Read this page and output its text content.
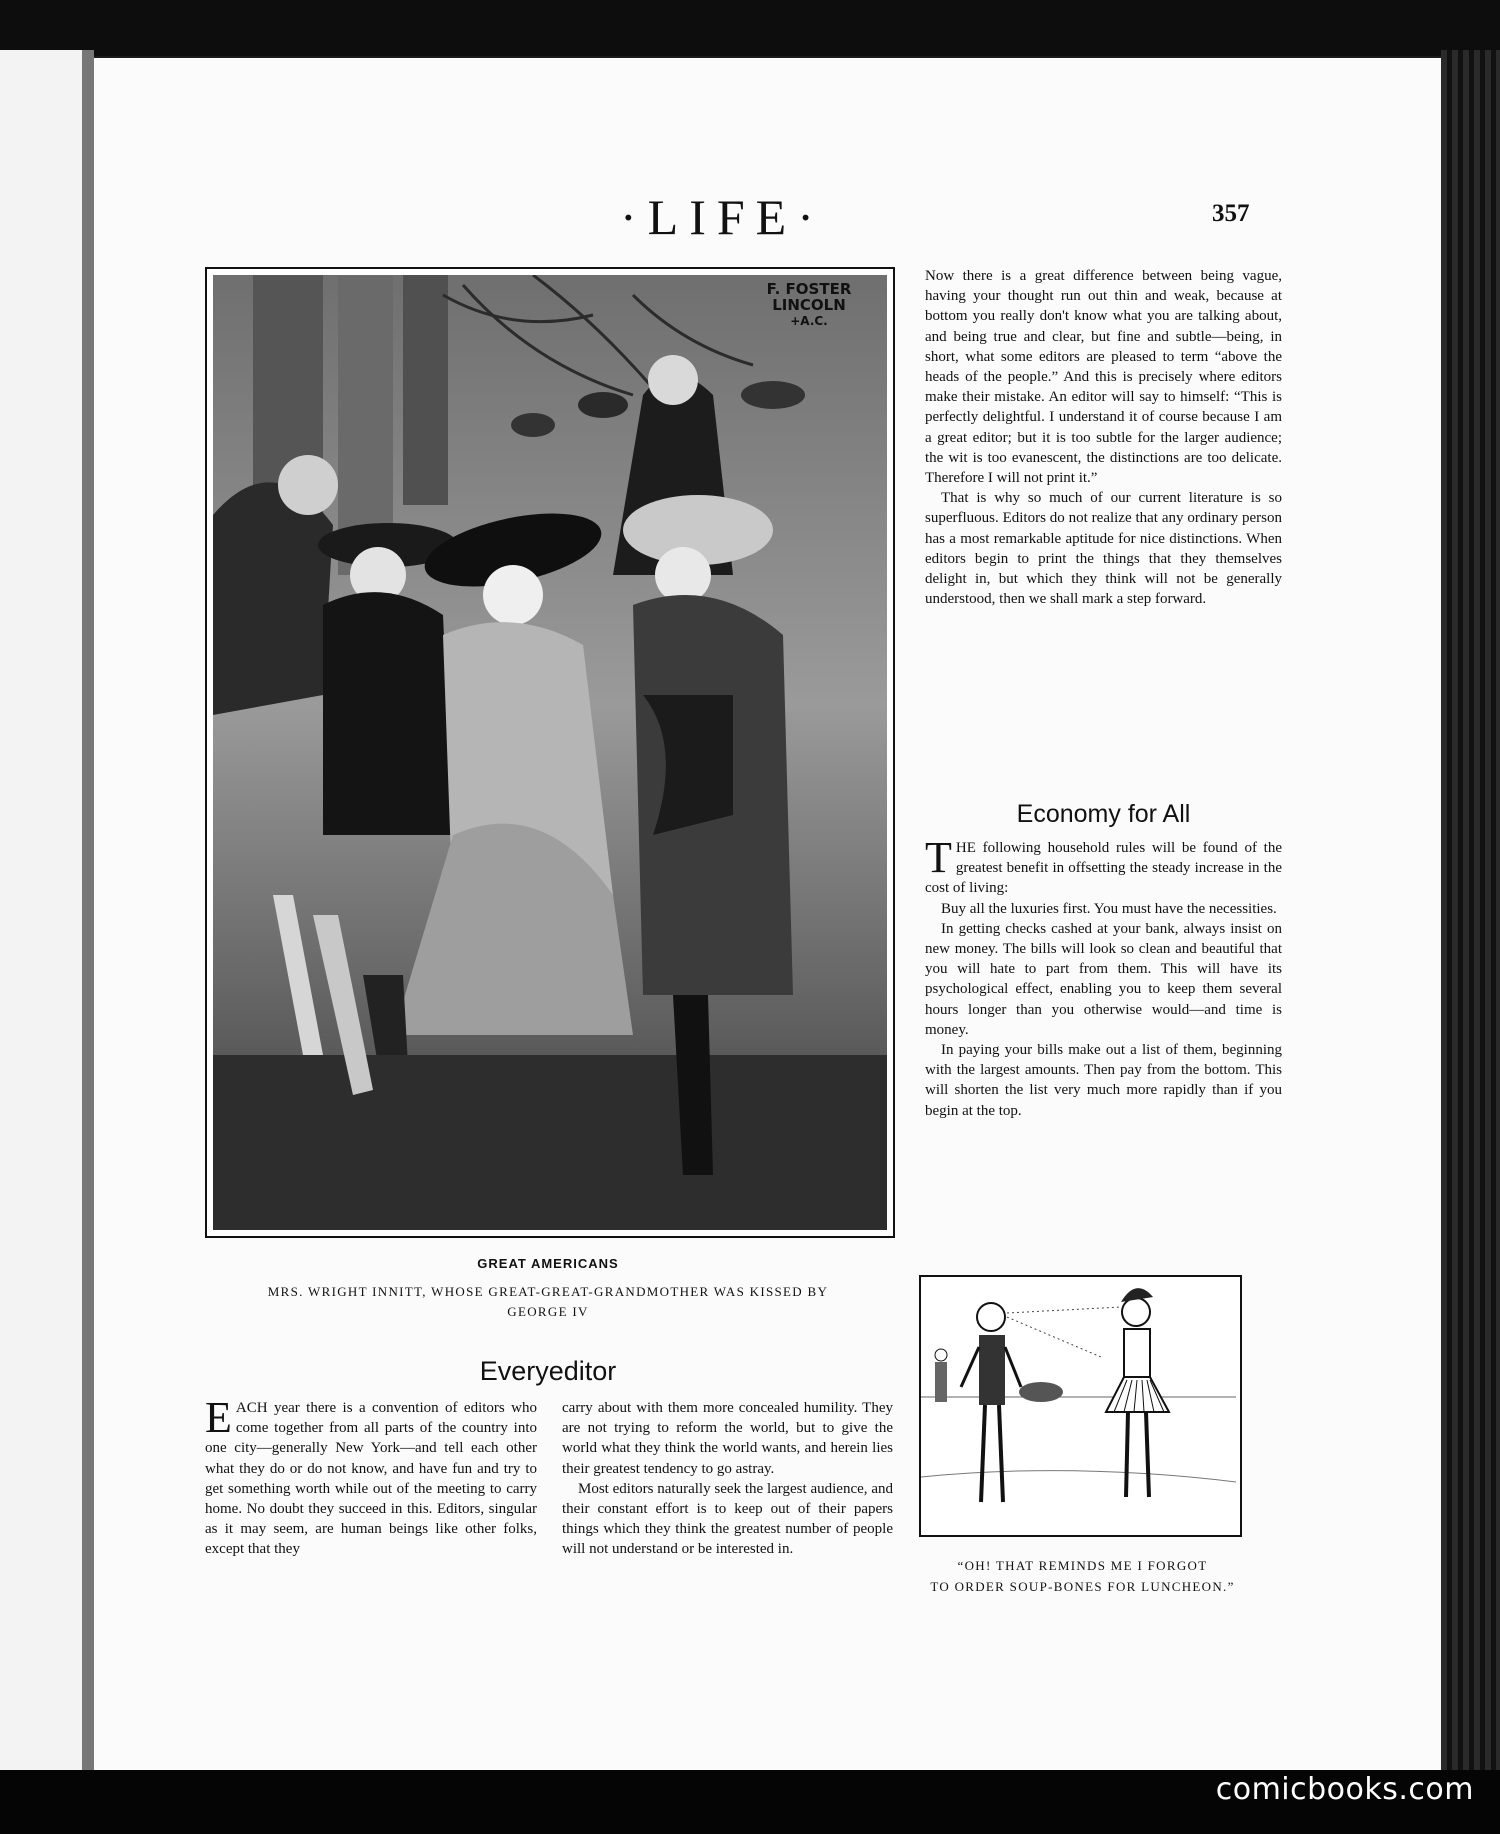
·LIFE·	357
F. FOSTER
LINCOLN
+A.C.
GREAT AMERICANS
MRS. WRIGHT INNITT, WHOSE GREAT-GREAT-GRANDMOTHER WAS KISSED BY
GEORGE IV

Now there is a great difference between being vague, having your thought run out thin and weak, because at bottom you really don't know what you are talking about, and being true and clear, but fine and subtle—being, in short, what some editors are pleased to term “above the heads of the people.” And this is precisely where editors make their mistake. An editor will say to himself: “This is perfectly delightful. I understand it of course because I am a great editor; but it is too subtle for the larger audience; the wit is too evanescent, the distinctions are too delicate. Therefore I will not print it.”

That is why so much of our current literature is so superfluous. Editors do not realize that any ordinary person has a most remarkable aptitude for nice distinctions. When editors begin to print the things that they themselves delight in, but which they think will not be generally understood, then we shall mark a step forward.

Economy for All

THE following household rules will be found of the greatest benefit in offsetting the steady increase in the cost of living:

Buy all the luxuries first. You must have the necessities.

In getting checks cashed at your bank, always insist on new money. The bills will look so clean and beautiful that you will hate to part from them. This will have its psychological effect, enabling you to keep them several hours longer than you otherwise would—and time is money.

In paying your bills make out a list of them, beginning with the largest amounts. Then pay from the bottom. This will shorten the list very much more rapidly than if you begin at the top.

“OH! THAT REMINDS ME I FORGOT
TO ORDER SOUP-BONES FOR LUNCHEON.”
Everyeditor

EACH year there is a convention of editors who come together from all parts of the country into one city—generally New York—and tell each other what they do or do not know, and have fun and try to get something worth while out of the meeting to carry home. No doubt they succeed in this. Editors, singular as it may seem, are human beings like other folks, except that they

carry about with them more concealed humility. They are not trying to reform the world, but to give the world what they think the world wants, and herein lies their greatest tendency to go astray.

Most editors naturally seek the largest audience, and their constant effort is to keep out of their papers things which they think the greatest number of people will not understand or be interested in.

comicbooks.com
